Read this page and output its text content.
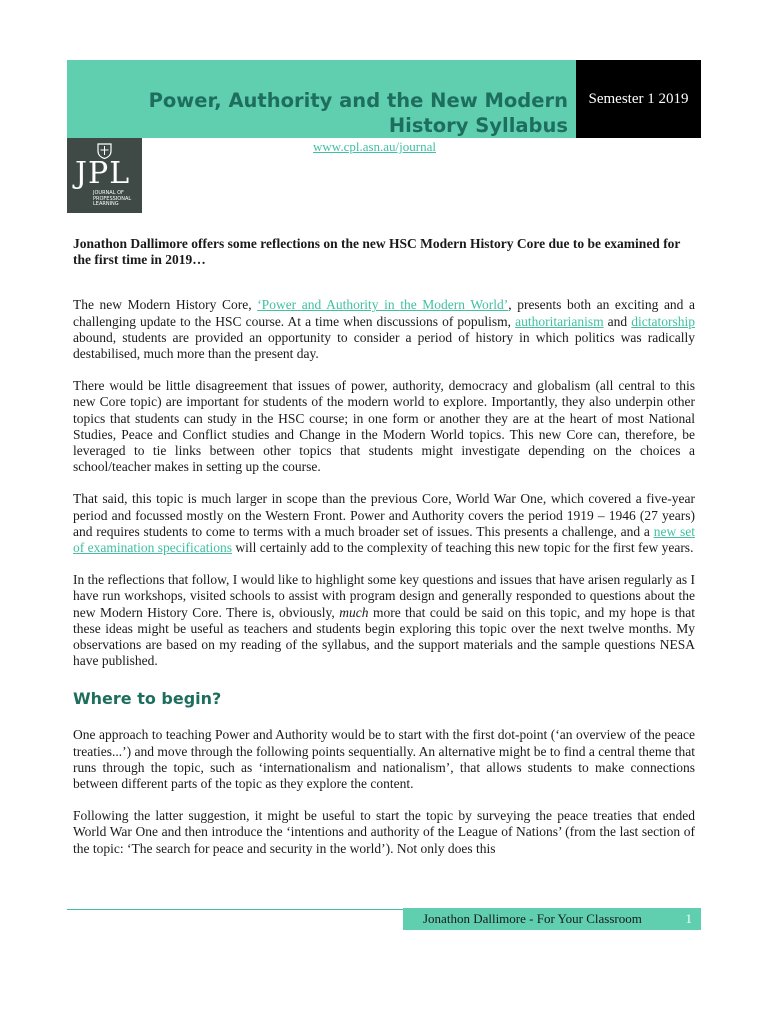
Power, Authority and the New Modern History Syllabus
Semester 1 2019
www.cpl.asn.au/journal
JPL
JOURNAL OF
PROFESSIONAL
LEARNING

Jonathon Dallimore offers some reflections on the new HSC Modern History Core due to be examined for the first time in 2019…

The new Modern History Core, ‘Power and Authority in the Modern World’, presents both an exciting and a challenging update to the HSC course. At a time when discussions of populism, authoritarianism and dictatorship abound, students are provided an opportunity to consider a period of history in which politics was radically destabilised, much more than the present day.

There would be little disagreement that issues of power, authority, democracy and globalism (all central to this new Core topic) are important for students of the modern world to explore. Importantly, they also underpin other topics that students can study in the HSC course; in one form or another they are at the heart of most National Studies, Peace and Conflict studies and Change in the Modern World topics. This new Core can, therefore, be leveraged to tie links between other topics that students might investigate depending on the choices a school/teacher makes in setting up the course.

That said, this topic is much larger in scope than the previous Core, World War One, which covered a five-year period and focussed mostly on the Western Front. Power and Authority covers the period 1919 – 1946 (27 years) and requires students to come to terms with a much broader set of issues. This presents a challenge, and a new set of examination specifications will certainly add to the complexity of teaching this new topic for the first few years.

In the reflections that follow, I would like to highlight some key questions and issues that have arisen regularly as I have run workshops, visited schools to assist with program design and generally responded to questions about the new Modern History Core. There is, obviously, much more that could be said on this topic, and my hope is that these ideas might be useful as teachers and students begin exploring this topic over the next twelve months. My observations are based on my reading of the syllabus, and the support materials and the sample questions NESA have published.

Where to begin?

One approach to teaching Power and Authority would be to start with the first dot-point (‘an overview of the peace treaties...’) and move through the following points sequentially. An alternative might be to find a central theme that runs through the topic, such as ‘internationalism and nationalism’, that allows students to make connections between different parts of the topic as they explore the content.

Following the latter suggestion, it might be useful to start the topic by surveying the peace treaties that ended World War One and then introduce the ‘intentions and authority of the League of Nations’ (from the last section of the topic: ‘The search for peace and security in the world’). Not only does this

Jonathon Dallimore - For Your Classroom	1
